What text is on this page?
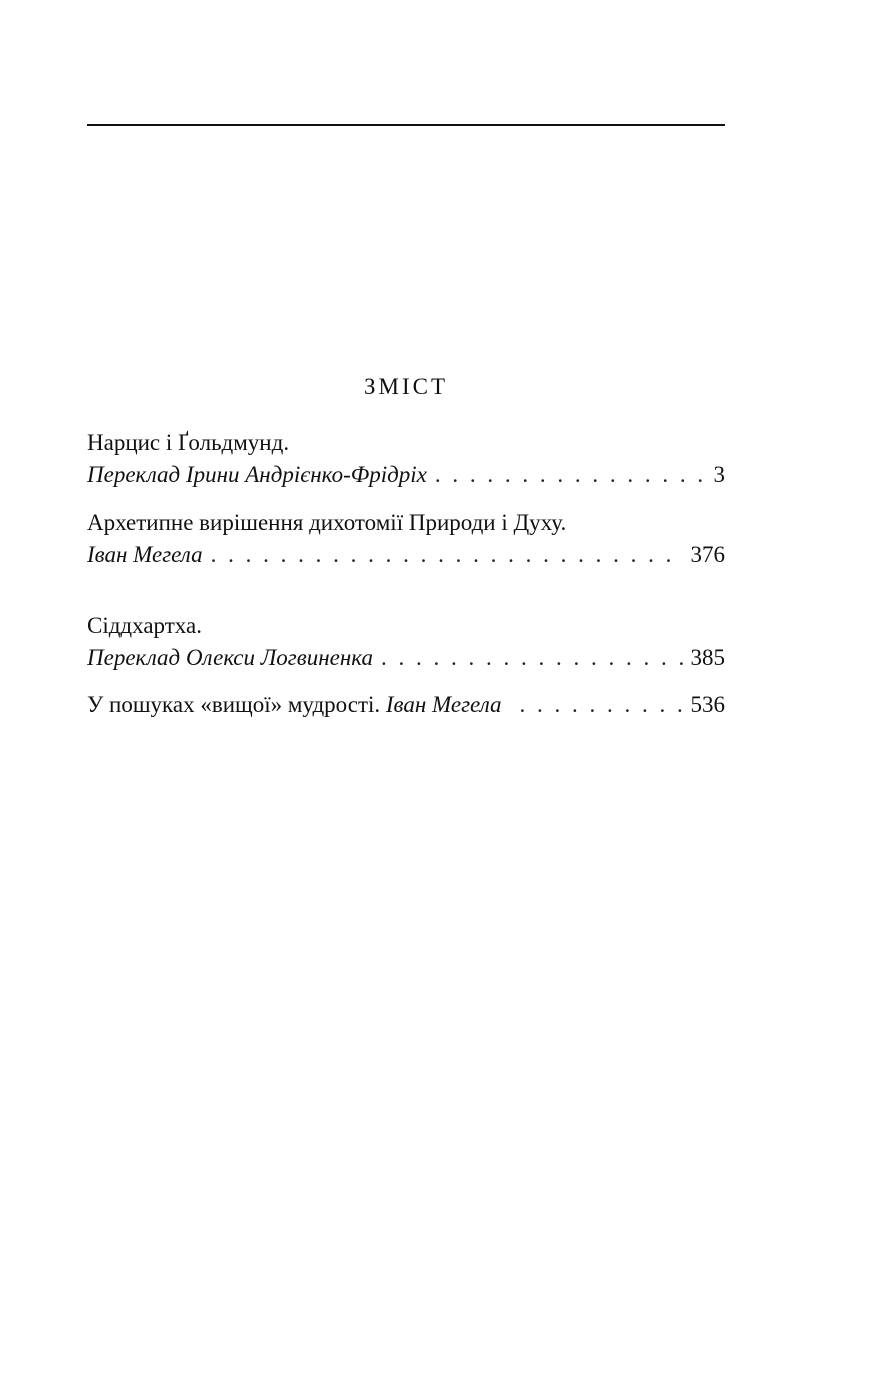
ЗМІСТ
Нарцис і Ґольдмунд.
Переклад Ірини Андрієнко-Фрідріх . . .	3
Архетипне вирішення дихотомії Природи і Духу.
Іван Мегела . . .	376
Сіддхартха.
Переклад Олекси Логвиненка . . .	385
У пошуках «вищої» мудрості. Іван Мегела . . .	536
